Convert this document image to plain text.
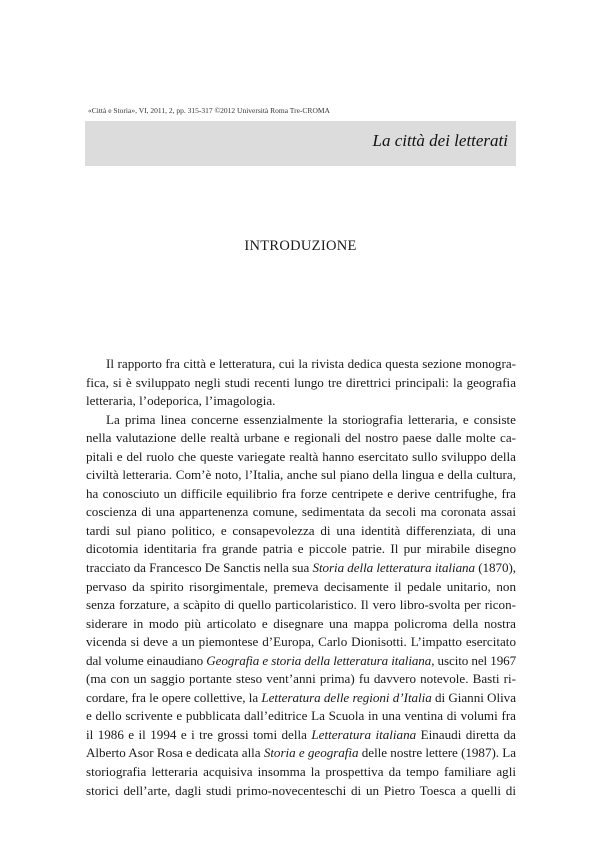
«Città e Storia», VI, 2011, 2, pp. 315-317 ©2012 Università Roma Tre-CROMA
La città dei letterati
INTRODUZIONE
Il rapporto fra città e letteratura, cui la rivista dedica questa sezione monogra-
fica, si è sviluppato negli studi recenti lungo tre direttrici principali: la geografia
letteraria, l’odeporica, l’imagologia.
La prima linea concerne essenzialmente la storiografia letteraria, e consiste
nella valutazione delle realtà urbane e regionali del nostro paese dalle molte ca-
pitali e del ruolo che queste variegate realtà hanno esercitato sullo sviluppo della
civiltà letteraria. Com’è noto, l’Italia, anche sul piano della lingua e della cultura,
ha conosciuto un difficile equilibrio fra forze centripete e derive centrifughe, fra
coscienza di una appartenenza comune, sedimentata da secoli ma coronata assai
tardi sul piano politico, e consapevolezza di una identità differenziata, di una
dicotomia identitaria fra grande patria e piccole patrie. Il pur mirabile disegno
tracciato da Francesco De Sanctis nella sua Storia della letteratura italiana (1870),
pervaso da spirito risorgimentale, premeva decisamente il pedale unitario, non
senza forzature, a scàpito di quello particolaristico. Il vero libro-svolta per ricon-
siderare in modo più articolato e disegnare una mappa policroma della nostra
vicenda si deve a un piemontese d’Europa, Carlo Dionisotti. L’impatto esercitato
dal volume einaudiano Geografia e storia della letteratura italiana, uscito nel 1967
(ma con un saggio portante steso vent’anni prima) fu davvero notevole. Basti ri-
cordare, fra le opere collettive, la Letteratura delle regioni d’Italia di Gianni Oliva
e dello scrivente e pubblicata dall’editrice La Scuola in una ventina di volumi fra
il 1986 e il 1994 e i tre grossi tomi della Letteratura italiana Einaudi diretta da
Alberto Asor Rosa e dedicata alla Storia e geografia delle nostre lettere (1987). La
storiografia letteraria acquisiva insomma la prospettiva da tempo familiare agli
storici dell’arte, dagli studi primo-novecenteschi di un Pietro Toesca a quelli di
